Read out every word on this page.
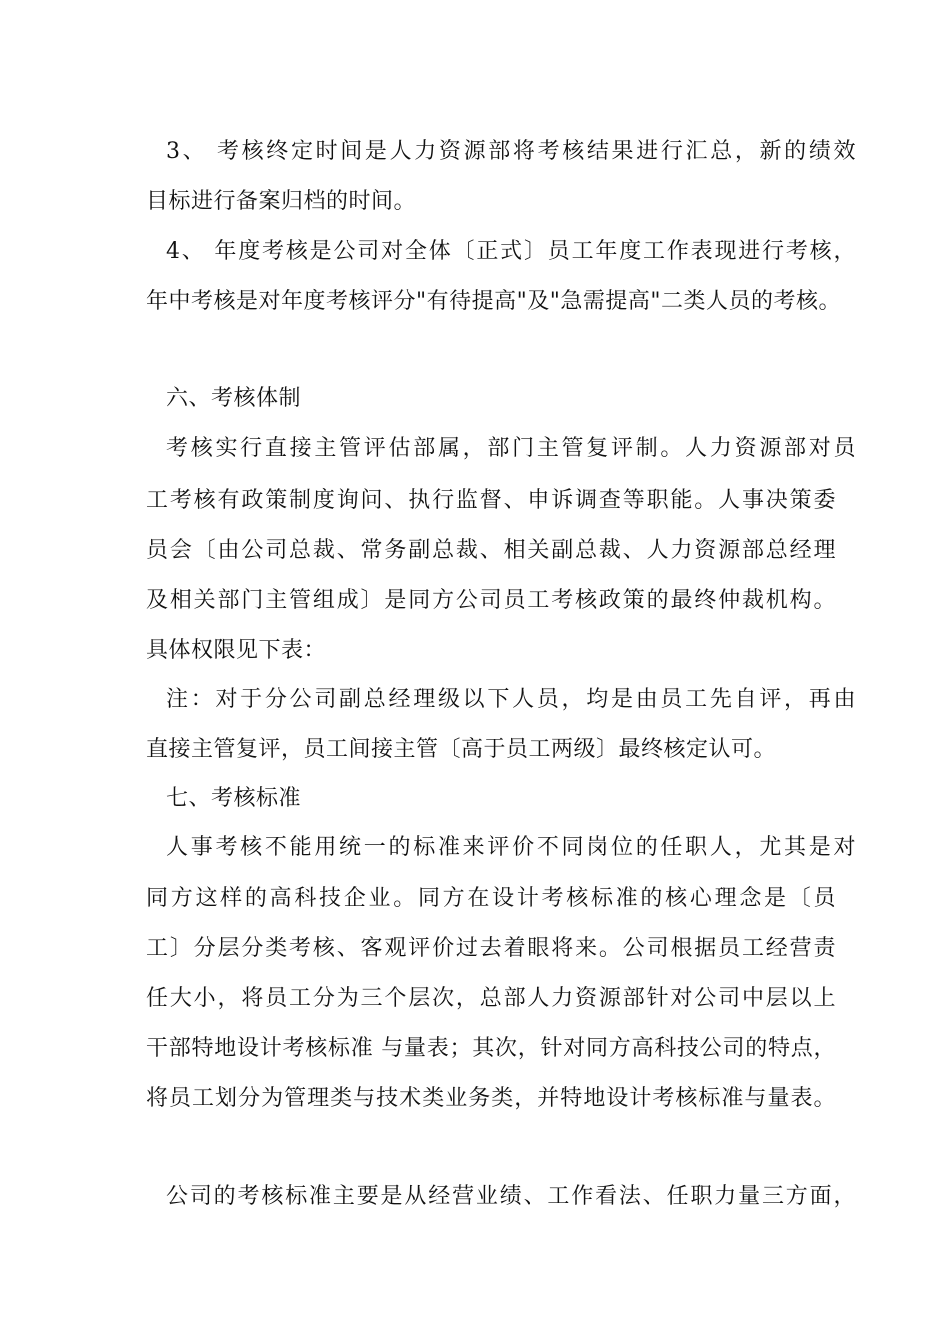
3、 考核终定时间是人力资源部将考核结果进行汇总，新的绩效
目标进行备案归档的时间。
4、 年度考核是公司对全体〔正式〕员工年度工作表现进行考核，
年中考核是对年度考核评分"有待提高"及"急需提高"二类人员的考核。
六、考核体制
考核实行直接主管评估部属，部门主管复评制。人力资源部对员
工考核有政策制度询问、执行监督、申诉调查等职能。人事决策委
员会〔由公司总裁、常务副总裁、相关副总裁、人力资源部总经理
及相关部门主管组成〕是同方公司员工考核政策的最终仲裁机构。
具体权限见下表：
注：对于分公司副总经理级以下人员，均是由员工先自评，再由
直接主管复评，员工间接主管〔高于员工两级〕最终核定认可。
七、考核标准
人事考核不能用统一的标准来评价不同岗位的任职人，尤其是对
同方这样的高科技企业。同方在设计考核标准的核心理念是〔员
工〕分层分类考核、客观评价过去着眼将来。公司根据员工经营责
任大小，将员工分为三个层次，总部人力资源部针对公司中层以上
干部特地设计考核标准 与量表；其次，针对同方高科技公司的特点，
将员工划分为管理类与技术类业务类，并特地设计考核标准与量表。
公司的考核标准主要是从经营业绩、工作看法、任职力量三方面，
